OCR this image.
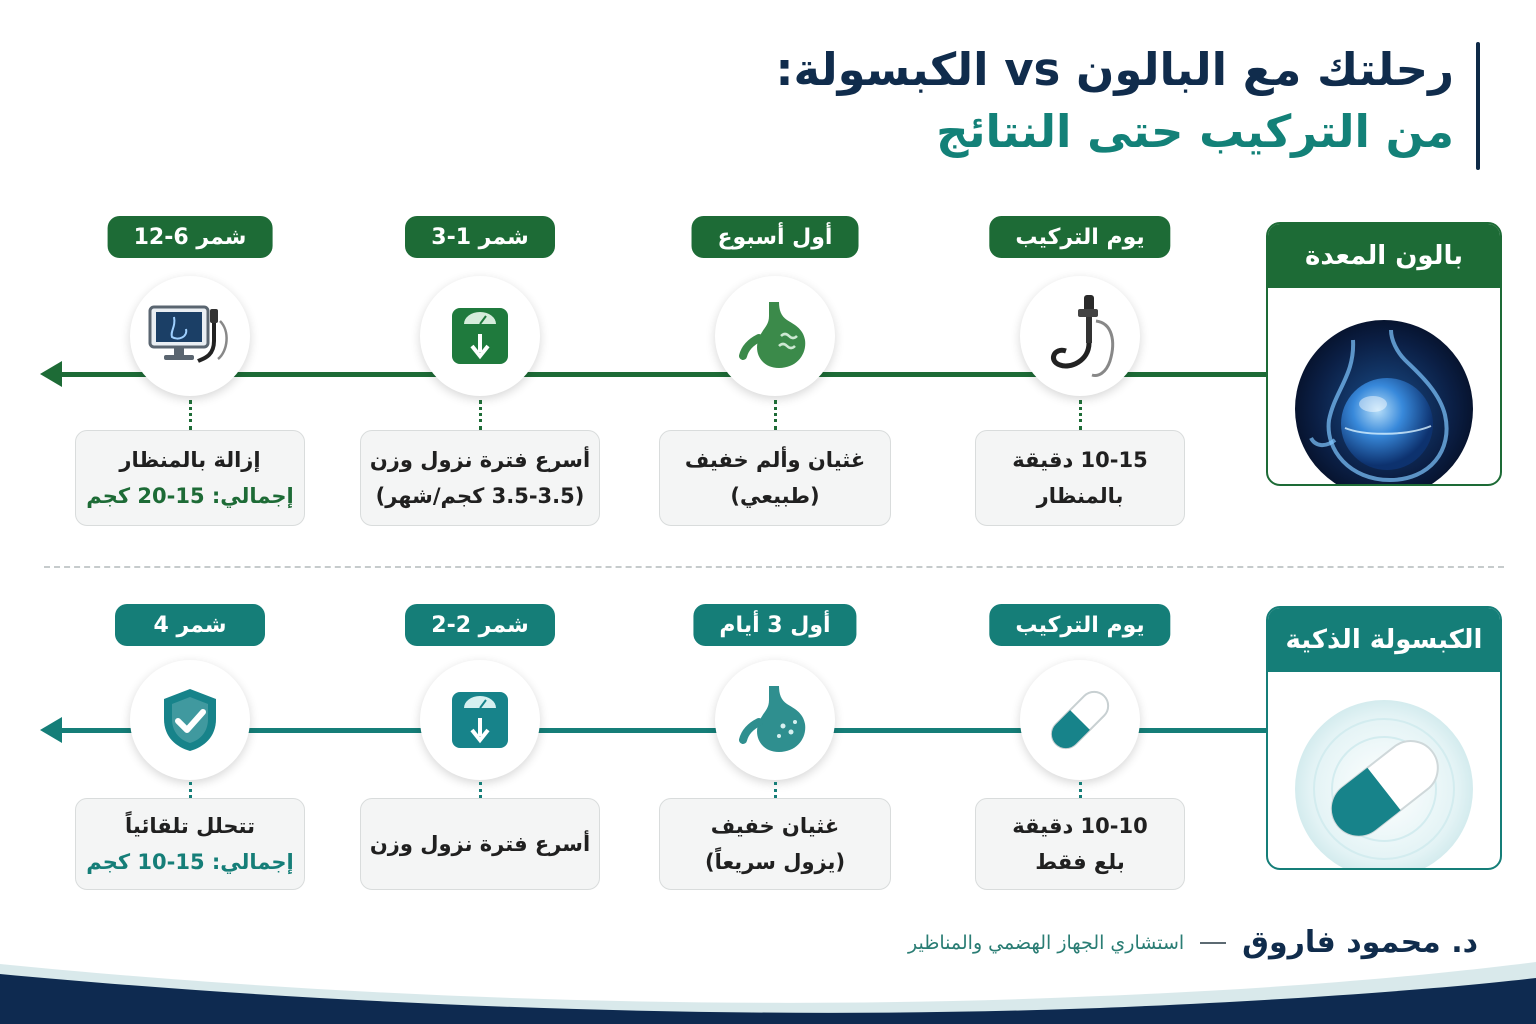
رحلتك مع البالون vs الكبسولة:
من التركيب حتى النتائج
بالون المعدة
يوم التركيب
10-15 دقيقة
بالمنظار
أول أسبوع
غثيان وألم خفيف
(طبيعي)
شمر 1-3
أسرع فترة نزول وزن
(3.5-3.5 كجم/شهر)
شمر 6-12
إزالة بالمنظار
إجمالي: 15-20 كجم
الكبسولة الذكية
يوم التركيب
10-10 دقيقة
بلع فقط
أول 3 أيام
غثيان خفيف
(يزول سريعاً)
شمر 2-2
أسرع فترة نزول وزن
شمر 4
تتحلل تلقائياً
إجمالي: 15-10 كجم
د. محمود فاروق
استشاري الجهاز الهضمي والمناظير
